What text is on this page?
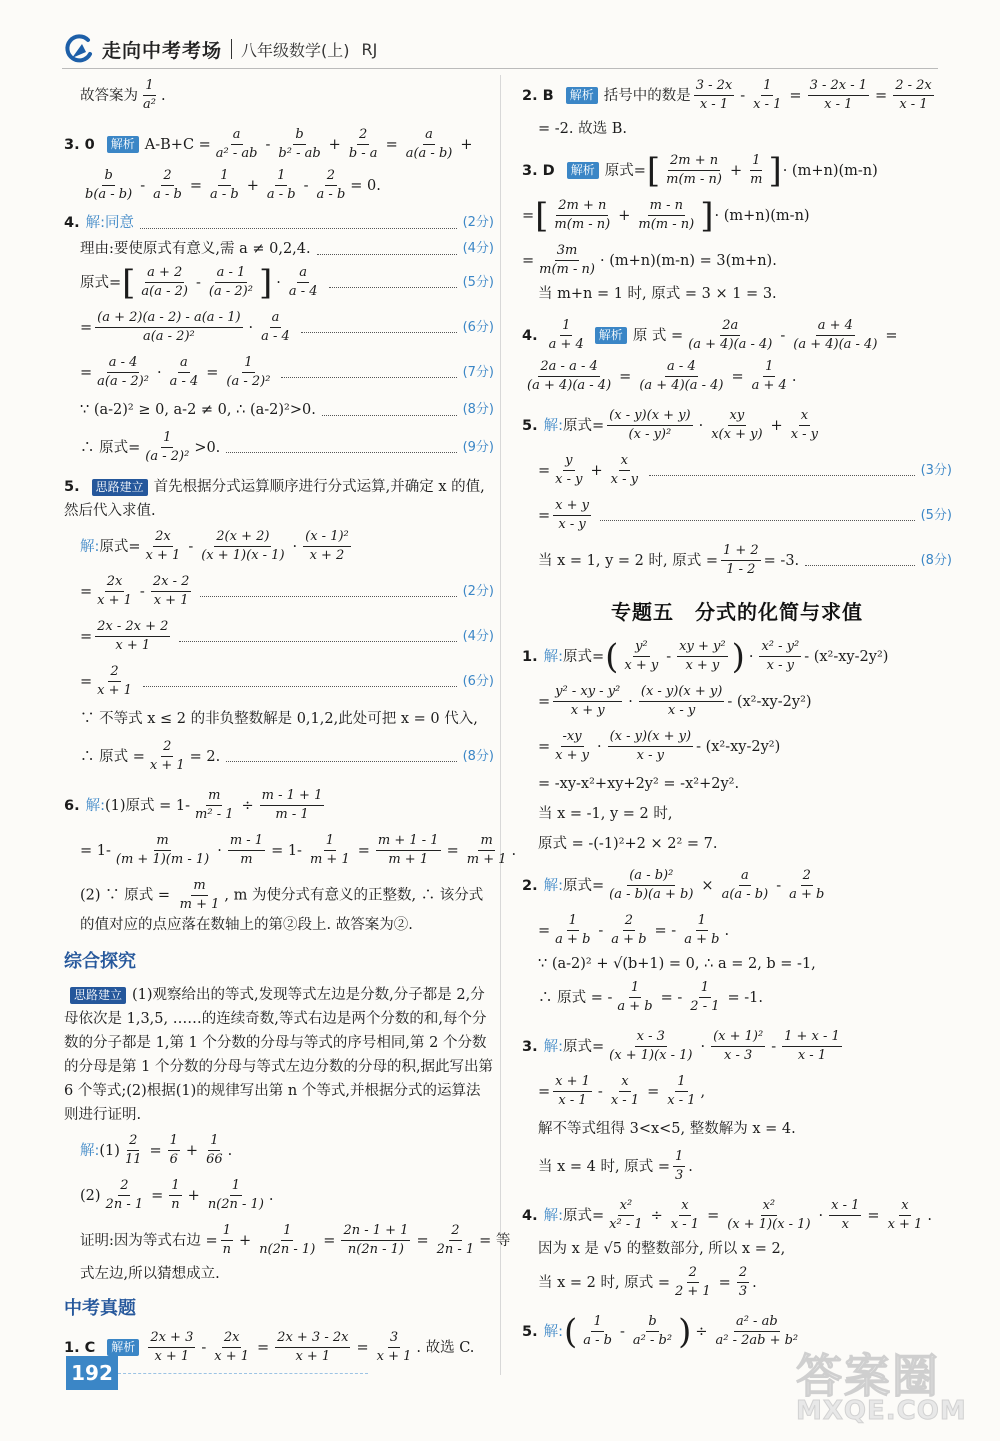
走向中考考场 八年级数学(上) RJ
故答案为 $\frac{1}{\text{a²}}$ .
3. 0	解析 $A-B+C = \frac{a}{\text{a² - ab}} - \frac{b}{\text{b² - ab}} + \frac{2}{b - a} = \frac{a}{a(a - b)}$ +
$\frac{b}{b(a - b)} - \frac{2}{a - b} = \frac{1}{a - b} + \frac{1}{a - b} - \frac{2}{a - b} = 0$.
4. 解:同意	(2分)
理由:要使原式有意义,需 a ≠ 0,2,4.	(4分)
原式 = [ $\frac{a + 2}{a(a - 2)} - \frac{a - 1}{\text{(a - 2)²}}$ ] · $\frac{a}{a - 4}$	(5分)
= $\frac{(a + 2)(a - 2) - a(a - 1)}{\text{a(a - 2)²}} \cdot \frac{a}{a - 4}$	(6分)
= $\frac{a - 4}{\text{a(a - 2)²}} \cdot \frac{a}{a - 4} = \frac{1}{\text{(a - 2)²}}$	(7分)
∵ (a-2)² ≥ 0, a-2 ≠ 0, ∴ (a-2)²>0.	(8分)
∴ 原式= $\frac{1}{\text{(a - 2)²}} >0$.	(9分)
5. 思路建立 首先根据分式运算顺序进行分式运算,并确定 x 的值,然后代入求值.
解: 原式 = $\frac{2x}{x + 1} - \frac{2(x + 2)}{(x + 1)(x - 1)} \cdot \frac{\text{(x - 1)²}}{x + 2}$
= $\frac{2x}{x + 1} - \frac{2x - 2}{x + 1}$	(2分)
= $\frac{2x - 2x + 2}{x + 1}$	(4分)
= $\frac{2}{x + 1}$	(6分)
∵ 不等式 x ≤ 2 的非负整数解是 0,1,2,此处可把 x = 0 代入,
∴ 原式 = $\frac{2}{x + 1} = 2$.	(8分)
6. 解: (1)原式 = $1- \frac{m}{\text{m² - 1}} \div \frac{m - 1 + 1}{m - 1}$
= $1- \frac{m}{(m + 1)(m - 1)} \cdot \frac{m - 1}{m} = 1- \frac{1}{m + 1} = \frac{m + 1 - 1}{m + 1} = \frac{m}{m + 1}$ .
(2) ∵ 原式 = $\frac{m}{m + 1}$ , m 为使分式有意义的正整数, ∴ 该分式的值对应的点应落在数轴上的第②段上. 故答案为②.
综合探究
思路建立 (1)观察给出的等式,发现等式左边是分数,分子都是 2,分母依次是 1,3,5, ……的连续奇数,等式右边是两个分数的和,每个分数的分子都是 1,第 1 个分数的分母与等式的序号相同,第 2 个分数的分母是第 1 个分数的分母与等式左边分数的分母的积,据此写出第 6 个等式;(2)根据(1)的规律写出第 n 个等式,并根据分式的运算法则进行证明.
解: $(1) \frac{2}{11} = \frac{1}{6} + \frac{1}{66}$ .
$(2) \frac{2}{2n - 1} = \frac{1}{n} + \frac{1}{n(2n - 1)}$ .
证明:因为等式右边 = $\frac{1}{n} + \frac{1}{n(2n - 1)} = \frac{2n - 1 + 1}{n(2n - 1)} = \frac{2}{2n - 1}$ = 等
式左边,所以猜想成立.
中考真题
1. C	解析	$\frac{2x + 3}{x + 1} - \frac{2x}{x + 1} = \frac{2x + 3 - 2x}{x + 1} = \frac{3}{x + 1}$ . 故选 C.
2. B	解析 括号中的数是 $\frac{3 - 2x}{x - 1} - \frac{1}{x - 1} = \frac{3 - 2x - 1}{x - 1} = \frac{2 - 2x}{x - 1}$
= -2. 故选 B.
3. D	解析 原式 = [ $\frac{2m + n}{m(m - n)} + \frac{1}{m}$ ] · (m+n)(m-n)
= [ $\frac{2m + n}{m(m - n)} + \frac{m - n}{m(m - n)}$ ] · (m+n)(m-n)
= $\frac{3m}{m(m - n)} \cdot (m+n)(m-n) = 3(m+n)$.
当 m+n = 1 时, 原式 = 3 × 1 = 3.
4. $\frac{1}{a + 4}$	解析 原 式 = $\frac{2a}{(a + 4)(a - 4)} - \frac{a + 4}{(a + 4)(a - 4)}$ =
$\frac{2a - a - 4}{(a + 4)(a - 4)} = \frac{a - 4}{(a + 4)(a - 4)} = \frac{1}{a + 4}$ .
5. 解: 原式 = $\frac{(x - y)(x + y)}{\text{(x - y)²}} \cdot \frac{xy}{x(x + y)} + \frac{x}{x - y}$
= $\frac{y}{x - y} + \frac{x}{x - y}$	(3分)
= $\frac{x + y}{x - y}$	(5分)
当 x = 1, y = 2 时, 原式 = $\frac{1 + 2}{1 - 2} = -3$.	(8分)
专题五　分式的化简与求值
1. 解: 原式 = ( $\frac{\text{y²}}{x + y} - \frac{\text{xy + y²}}{x + y}$ ) · $\frac{\text{x² - y²}}{x - y} - (x^2-xy-2y^2)$
= $\frac{\text{y² - xy - y²}}{x + y} \cdot \frac{(x - y)(x + y)}{x - y} - (x^2-xy-2y^2)$
= $\frac{-xy}{x + y} \cdot \frac{(x - y)(x + y)}{x - y} - (x^2-xy-2y^2)$
= -xy-x²+xy+2y² = -x²+2y².
当 x = -1, y = 2 时,
原式 = -(-1)²+2 × 2² = 7.
2. 解: 原式 = $\frac{\text{(a - b)²}}{(a - b)(a + b)} \times \frac{a}{a(a - b)} - \frac{2}{a + b}$
= $\frac{1}{a + b} - \frac{2}{a + b}$ = - $\frac{1}{a + b}$ .
∵ (a-2)² + √(b+1) = 0, ∴ a = 2, b = -1,
∴ 原式 = - $\frac{1}{a + b}$ = - $\frac{1}{2 - 1} = -1$.
3. 解: 原式 = $\frac{x - 3}{(x + 1)(x - 1)} \cdot \frac{\text{(x + 1)²}}{x - 3} - \frac{1 + x - 1}{x - 1}$
= $\frac{x + 1}{x - 1} - \frac{x}{x - 1} = \frac{1}{x - 1}$ ,
解不等式组得 3<x<5, 整数解为 x = 4.
当 x = 4 时, 原式 = $\frac{1}{3}$ .
4. 解: 原式 = $\frac{\text{x²}}{\text{x² - 1}} \div \frac{x}{x - 1} = \frac{\text{x²}}{(x + 1)(x - 1)} \cdot \frac{x - 1}{x} = \frac{x}{x + 1}$ .
因为 x 是 √5 的整数部分, 所以 x = 2,
当 x = 2 时, 原式 = $\frac{2}{2 + 1} = \frac{2}{3}$ .
5. 解: ( $\frac{1}{a - b} - \frac{b}{\text{a² - b²}}$ ) ÷ $\frac{\text{a² - ab}}{\text{a² - 2ab + b²}}$
192	答案圈
MXQE.COM
